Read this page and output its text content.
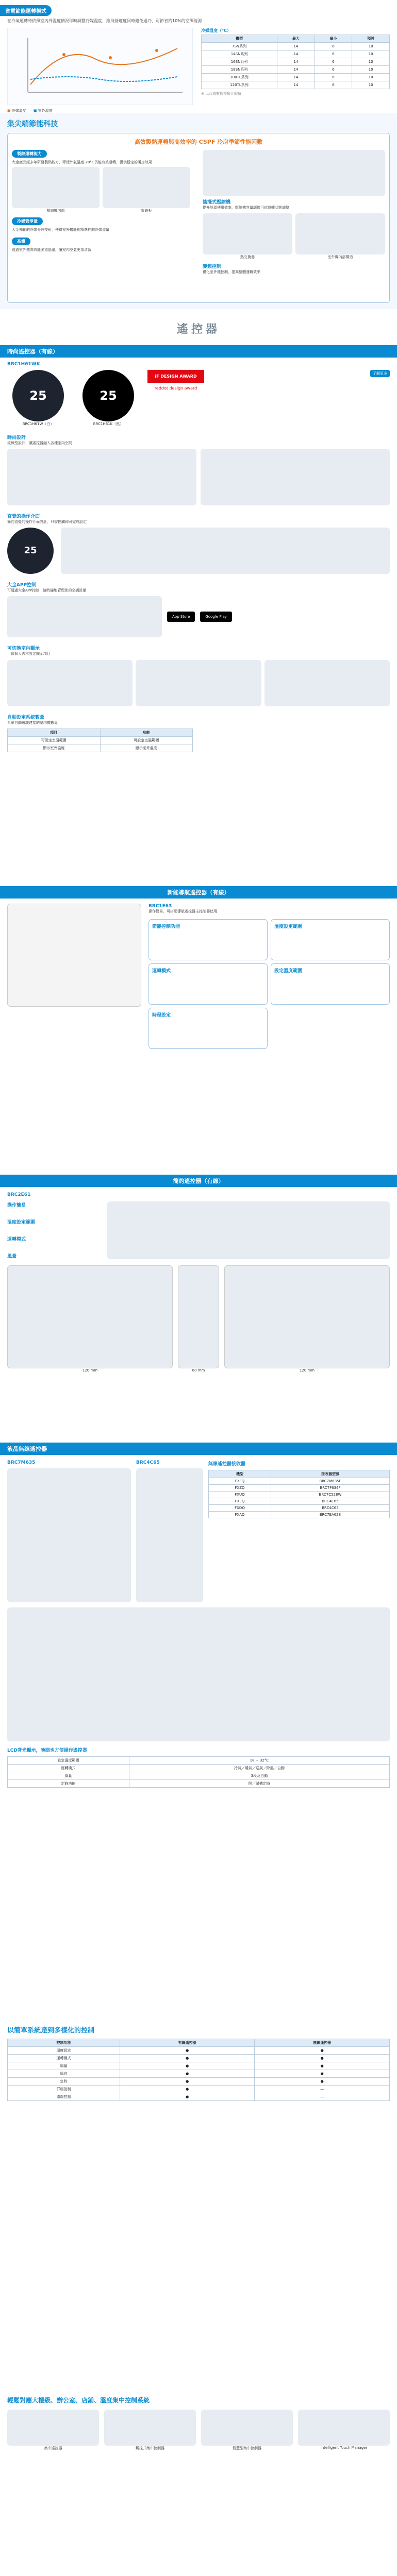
省電節能運轉模式

在冷氣運轉時依照室內外溫度情況即時調整冷媒溫度，維持舒適度同時避免過冷，可節省約10%的空調能源

■ 冷媒溫度 ■ 室外溫度
冷媒溫度（°C）
機型	最大	最小	預設
7SN系列	14	6	10
14SN系列	14	6	10
16SN系列	14	6	10
18SN系列	14	6	10
100TL系列	14	6	10
120TL系列	14	6	10
※ 以台灣數據模擬比較值
集尖端節能科技
高效製熱運轉與高效率的 CSPF 冷房季節性能因數
製熱運轉能力

大金產品經多年研發製熱能力，即使外氣溫度-20°C仍能有效運轉，提供穩定的暖房效果

壓縮機內部	電路板
冷媒管淨量

大金獨創的冷媒分岐技術，使得室外機能夠精準控制冷媒流量

高濾

透過室外機高效能多重過濾，讓室內空氣更加清新

搖擺式壓縮機

提升能源使用效率，壓縮機容量調節可依運轉狀態調整

熱交換器	室外機內部構造
變頻控制

優化室外機控制，提高整體運轉效率

遙控器
時尚遙控器（有線）
BRC1H61WK
25
BRC1H61W（白）
25
BRC1H61K（黑）
iF DESIGN AWARD
reddot design award
了解更多
時尚設計

流線型設計，讓遙控器融入各種室內空間

直覺的操作介面

簡約直覺的操作介面設計，只需輕觸即可完成設定

25
大金APP控制

可透過大金APP控制，隨時隨地管理您的空調設備

App Store	Google Play
可切換室內顯示

可依個人需求設定顯示項目

自動設定系統數量

系統自動辨識連接的室內機數量

項目	功能
可設定室溫範圍	可設定室溫範圍
顯示室外溫度	顯示室外溫度
新能導航遙控器（有線）
BRC1E63

操作簡易，可搭配導航遙控器主控制器使用

節能控制功能	溫度設定範圍
運轉模式	設定溫度範圍
時程設定
簡約遙控器（有線）
BRC2E61
操作簡易
溫度設定範圍
運轉模式
風量
120 mm	60 mm	120 mm
液晶無線遙控器
BRC7M635	BRC4C65	無線遙控器接收器
機型	接收器型號
FXFQ	BRC7M635F
FXZQ	BRC7F634F
FXUQ	BRC7C528W
FXEQ	BRC4C65
FXDQ	BRC4C65
FXAQ	BRC7EA628
LCD背光顯示，晚間也方便操作遙控器
設定溫度範圍	18 ~ 32°C
運轉模式	冷氣／暖氣／送風／除濕／自動
風量	3段及自動
定時功能	開／關機定時
以簡單系統達到多樣化的控制
控制功能	有線遙控器	無線遙控器
溫度設定	●	●
運轉模式	●	●
風量	●	●
風向	●	●
定時	●	●
群組控制	●	—
遠端控制	●	—
輕鬆對應大樓級、辦公室、店鋪、溫度集中控制系統
集中遙控器	觸控式集中控制器	智慧型集中控制器	intelligent Touch Manager
